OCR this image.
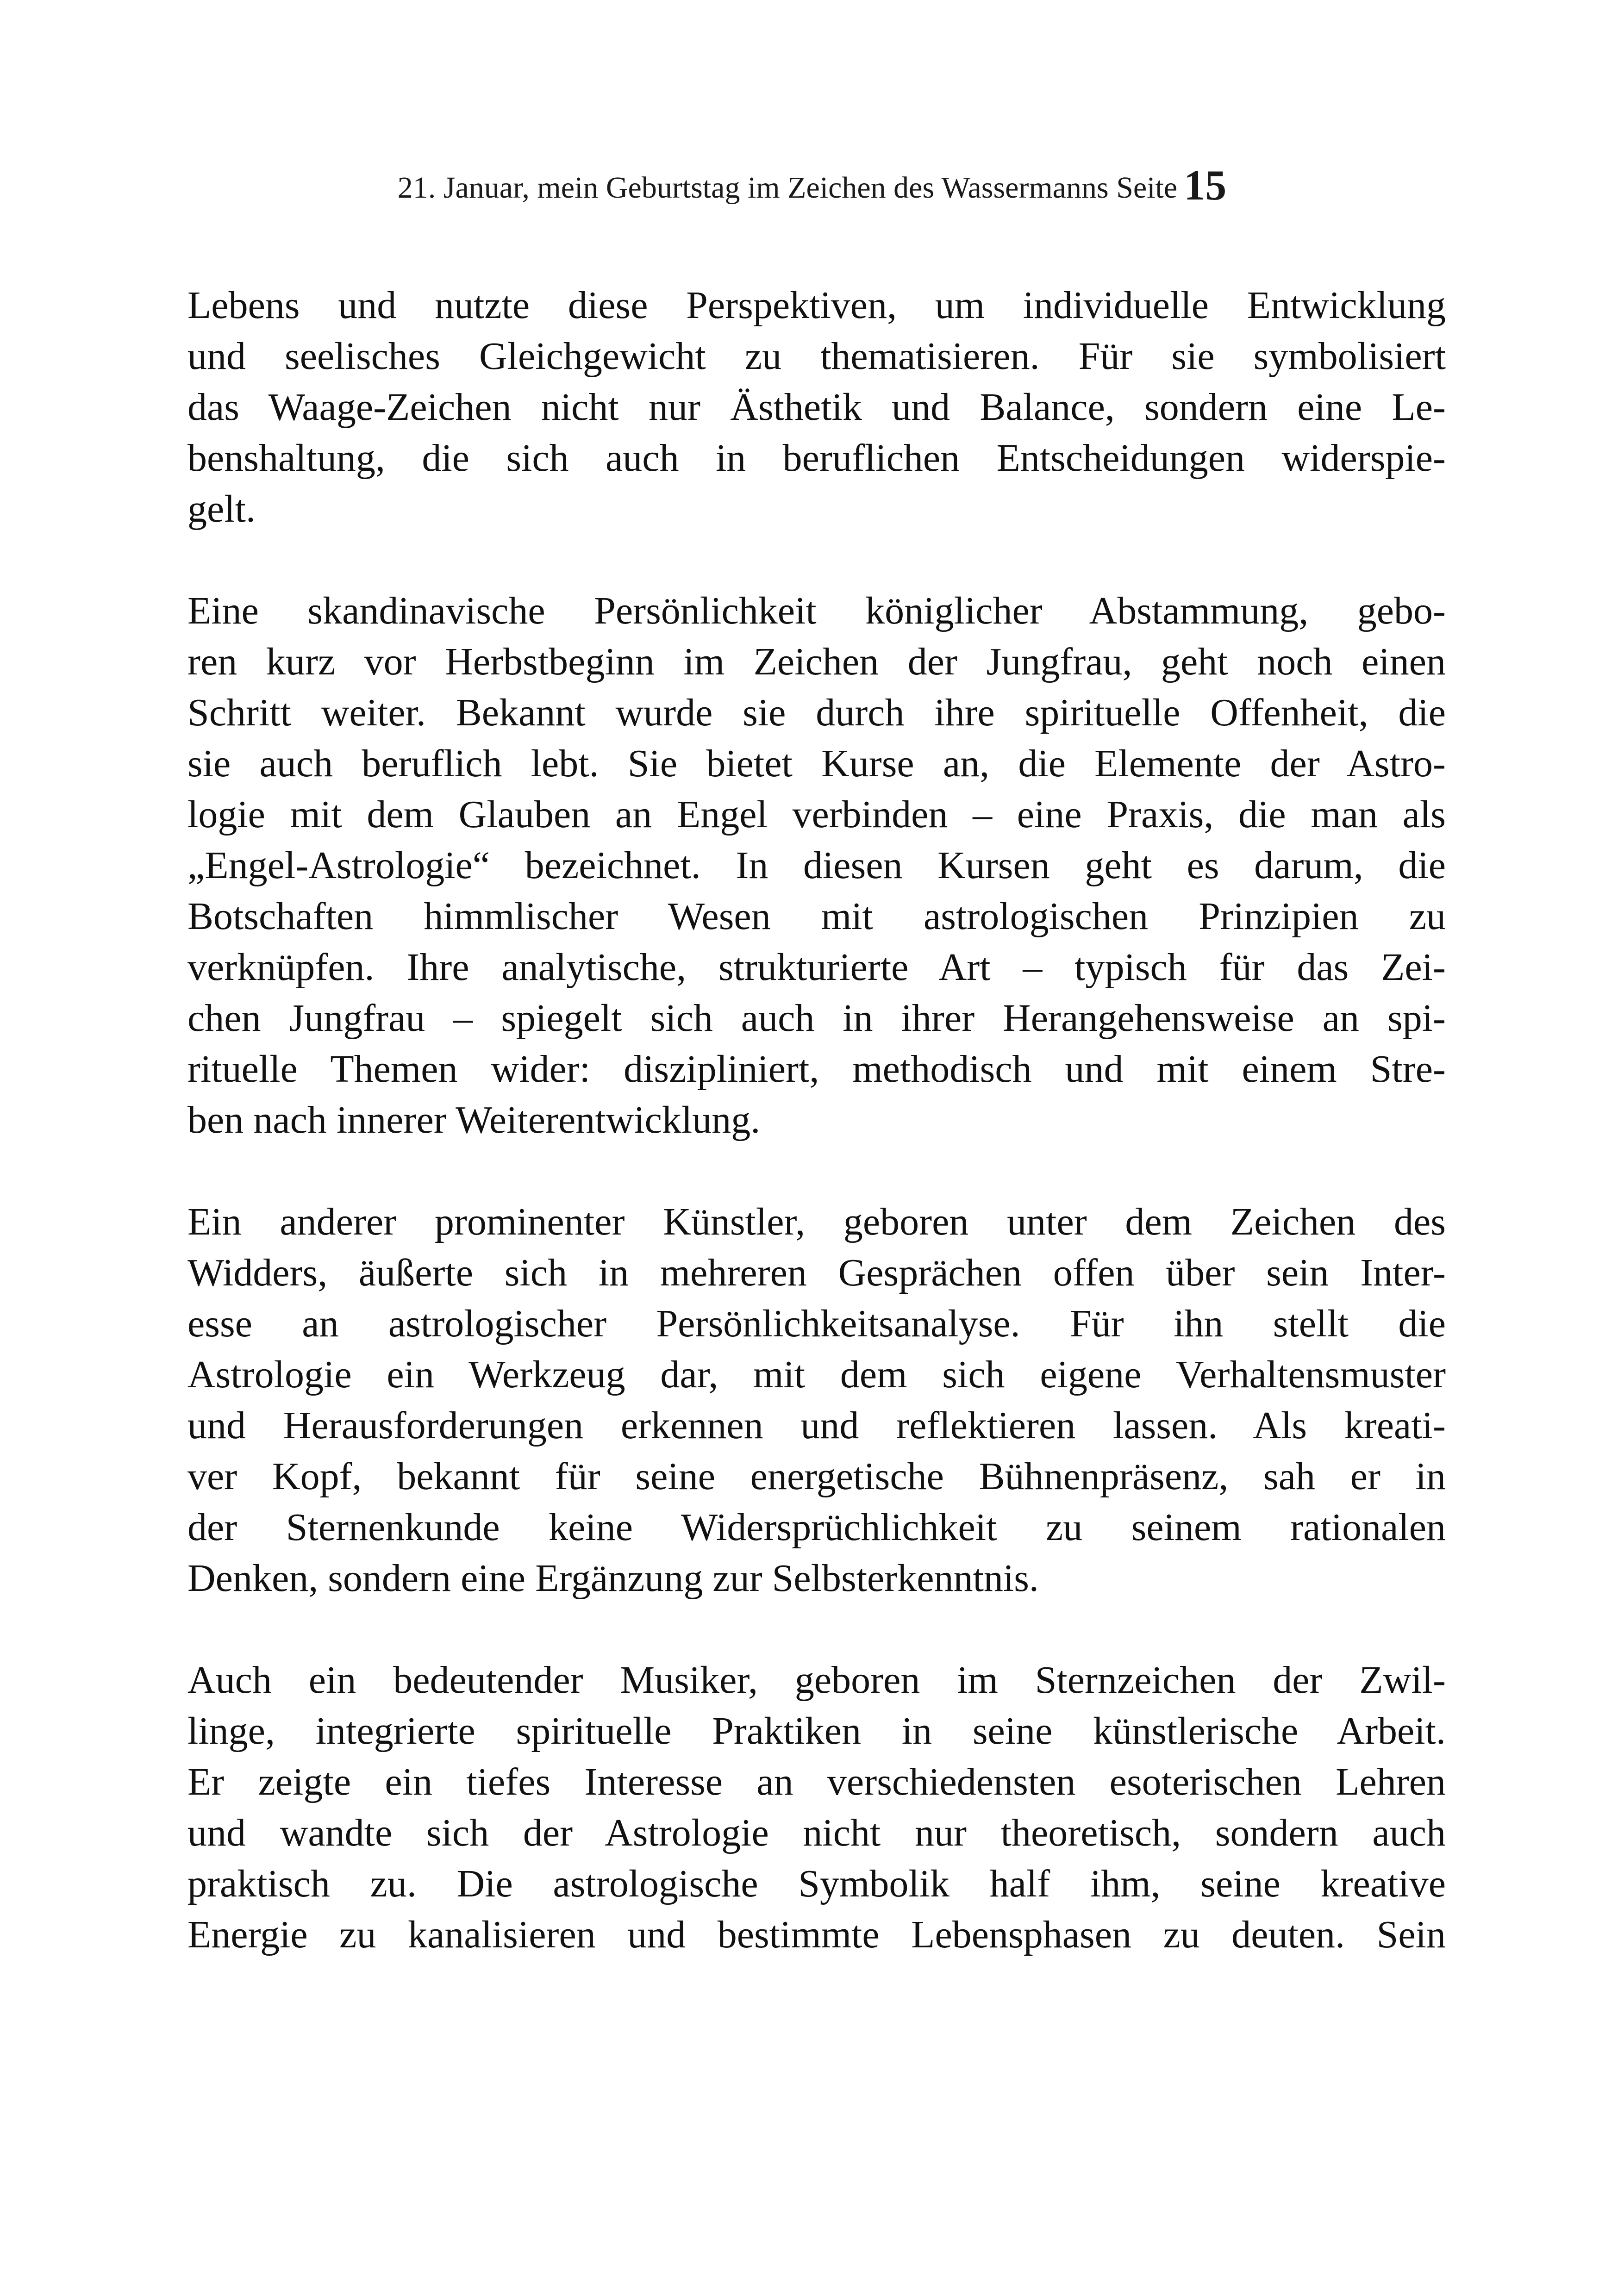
21. Januar, mein Geburtstag im Zeichen des Wassermanns Seite 15

Lebens und nutzte diese Perspektiven, um individuelle Entwicklung
und seelisches Gleichgewicht zu thematisieren. Für sie symbolisiert
das Waage-Zeichen nicht nur Ästhetik und Balance, sondern eine Le-
benshaltung, die sich auch in beruflichen Entscheidungen widerspie-
gelt.

Eine skandinavische Persönlichkeit königlicher Abstammung, gebo-
ren kurz vor Herbstbeginn im Zeichen der Jungfrau, geht noch einen
Schritt weiter. Bekannt wurde sie durch ihre spirituelle Offenheit, die
sie auch beruflich lebt. Sie bietet Kurse an, die Elemente der Astro-
logie mit dem Glauben an Engel verbinden – eine Praxis, die man als
„Engel-Astrologie“ bezeichnet. In diesen Kursen geht es darum, die
Botschaften himmlischer Wesen mit astrologischen Prinzipien zu
verknüpfen. Ihre analytische, strukturierte Art – typisch für das Zei-
chen Jungfrau – spiegelt sich auch in ihrer Herangehensweise an spi-
rituelle Themen wider: diszipliniert, methodisch und mit einem Stre-
ben nach innerer Weiterentwicklung.

Ein anderer prominenter Künstler, geboren unter dem Zeichen des
Widders, äußerte sich in mehreren Gesprächen offen über sein Inter-
esse an astrologischer Persönlichkeitsanalyse. Für ihn stellt die
Astrologie ein Werkzeug dar, mit dem sich eigene Verhaltensmuster
und Herausforderungen erkennen und reflektieren lassen. Als kreati-
ver Kopf, bekannt für seine energetische Bühnenpräsenz, sah er in
der Sternenkunde keine Widersprüchlichkeit zu seinem rationalen
Denken, sondern eine Ergänzung zur Selbsterkenntnis.

Auch ein bedeutender Musiker, geboren im Sternzeichen der Zwil-
linge, integrierte spirituelle Praktiken in seine künstlerische Arbeit.
Er zeigte ein tiefes Interesse an verschiedensten esoterischen Lehren
und wandte sich der Astrologie nicht nur theoretisch, sondern auch
praktisch zu. Die astrologische Symbolik half ihm, seine kreative
Energie zu kanalisieren und bestimmte Lebensphasen zu deuten. Sein
